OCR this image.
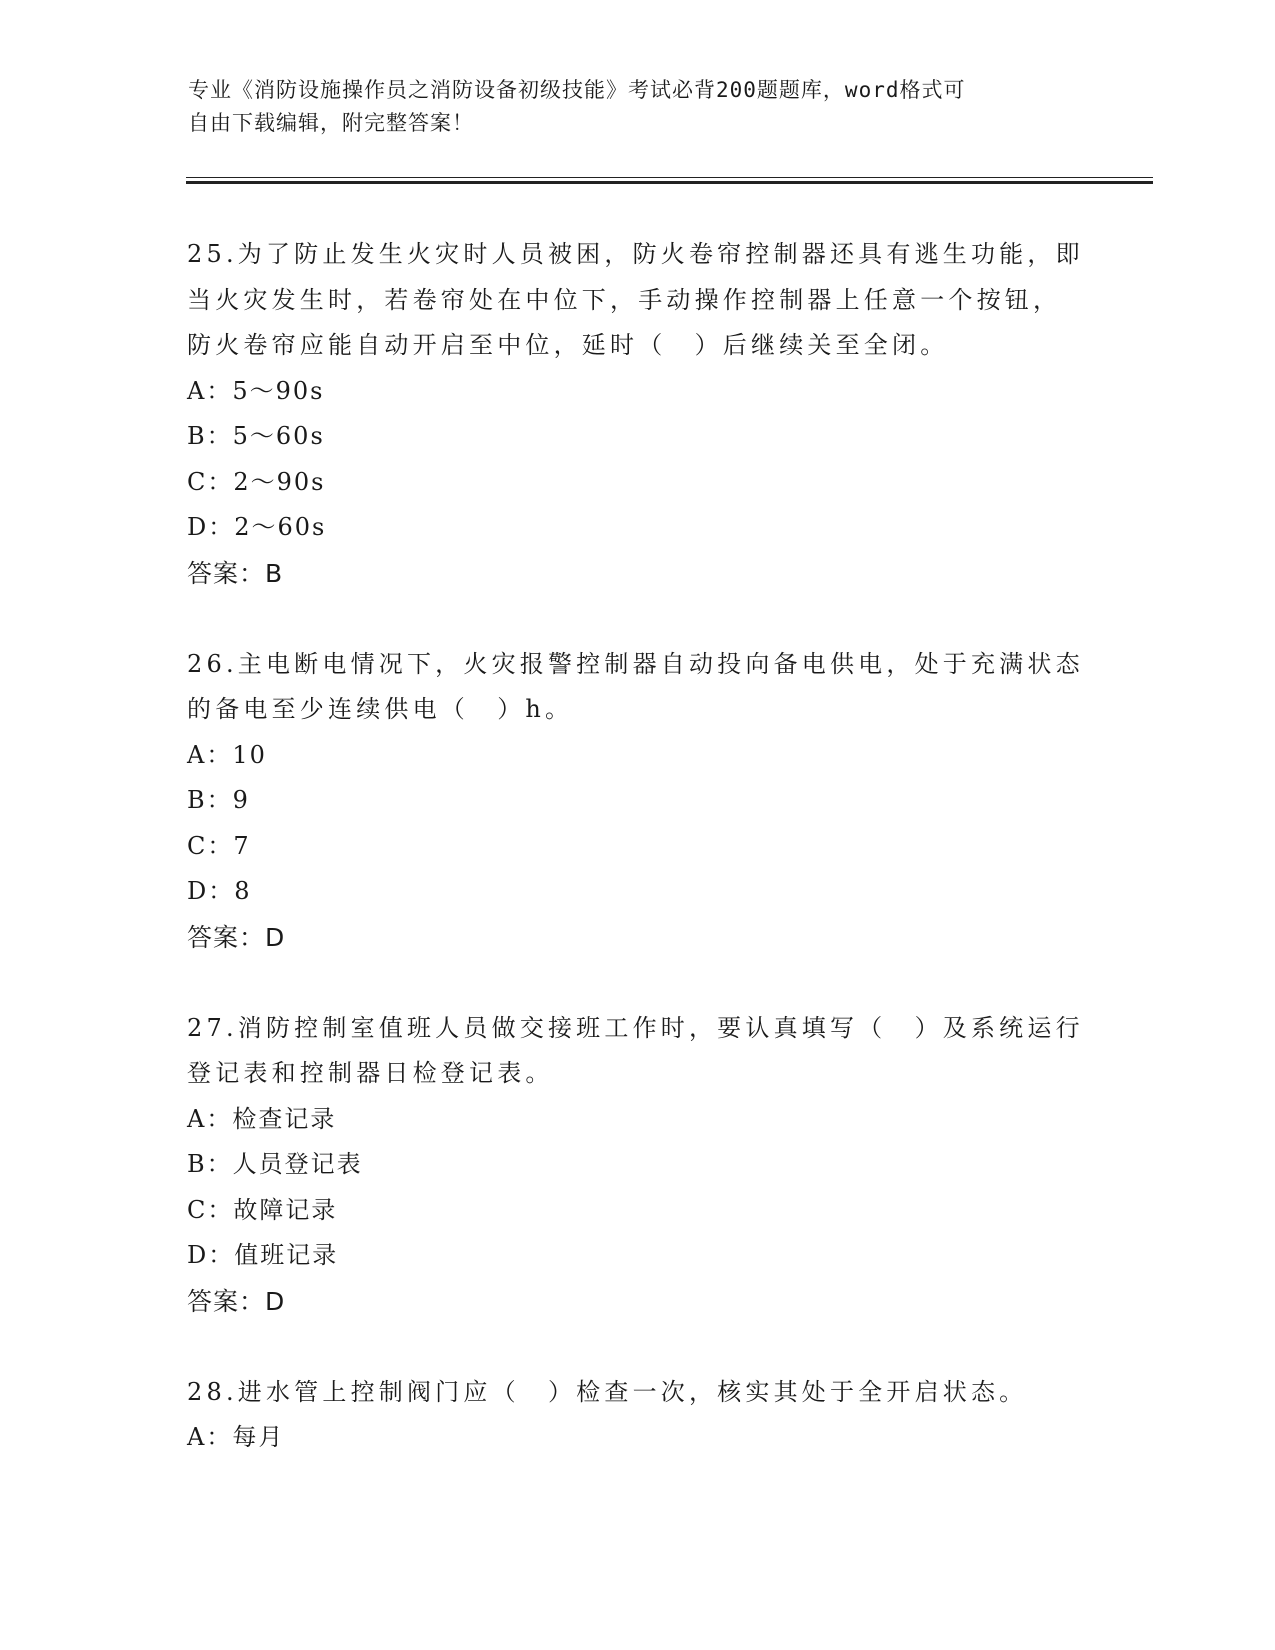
专业《消防设施操作员之消防设备初级技能》考试必背200题题库，word格式可
自由下载编辑，附完整答案！

25.为了防止发生火灾时人员被困，防火卷帘控制器还具有逃生功能，即当火灾发生时，若卷帘处在中位下，手动操作控制器上任意一个按钮，防火卷帘应能自动开启至中位，延时（　）后继续关至全闭。

A：5～90s

B：5～60s

C：2～90s

D：2～60s

答案：B

26.主电断电情况下，火灾报警控制器自动投向备电供电，处于充满状态的备电至少连续供电（　）h。

A：10

B：9

C：7

D：8

答案：D

27.消防控制室值班人员做交接班工作时，要认真填写（　）及系统运行登记表和控制器日检登记表。

A：检查记录

B：人员登记表

C：故障记录

D：值班记录

答案：D

28.进水管上控制阀门应（　）检查一次，核实其处于全开启状态。

A：每月
